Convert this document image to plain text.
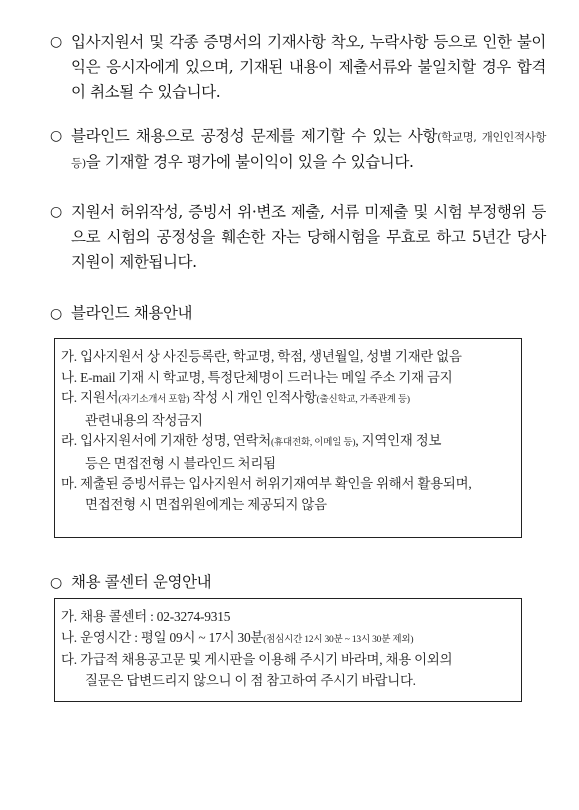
○ 입사지원서 및 각종 증명서의 기재사항 착오, 누락사항 등으로 인한 불이익은 응시자에게 있으며, 기재된 내용이 제출서류와 불일치할 경우 합격이 취소될 수 있습니다.
○ 블라인드 채용으로 공정성 문제를 제기할 수 있는 사항(학교명, 개인인적사항 등)을 기재할 경우 평가에 불이익이 있을 수 있습니다.
○ 지원서 허위작성, 증빙서 위·변조 제출, 서류 미제출 및 시험 부정행위 등으로 시험의 공정성을 훼손한 자는 당해시험을 무효로 하고 5년간 당사 지원이 제한됩니다.
○ 블라인드 채용안내
가. 입사지원서 상 사진등록란, 학교명, 학점, 생년월일, 성별 기재란 없음
나. E-mail 기재 시 학교명, 특정단체명이 드러나는 메일 주소 기재 금지
다. 지원서(자기소개서 포함) 작성 시 개인 인적사항(출신학교, 가족관계 등)
관련내용의 작성금지
라. 입사지원서에 기재한 성명, 연락처(휴대전화, 이메일 등), 지역인재 정보
등은 면접전형 시 블라인드 처리됨
마. 제출된 증빙서류는 입사지원서 허위기재여부 확인을 위해서 활용되며,
면접전형 시 면접위원에게는 제공되지 않음
○ 채용 콜센터 운영안내
가. 채용 콜센터 : 02-3274-9315
나. 운영시간 : 평일 09시 ~ 17시 30분(점심시간 12시 30분 ~ 13시 30분 제외)
다. 가급적 채용공고문 및 게시판을 이용해 주시기 바라며, 채용 이외의
질문은 답변드리지 않으니 이 점 참고하여 주시기 바랍니다.
